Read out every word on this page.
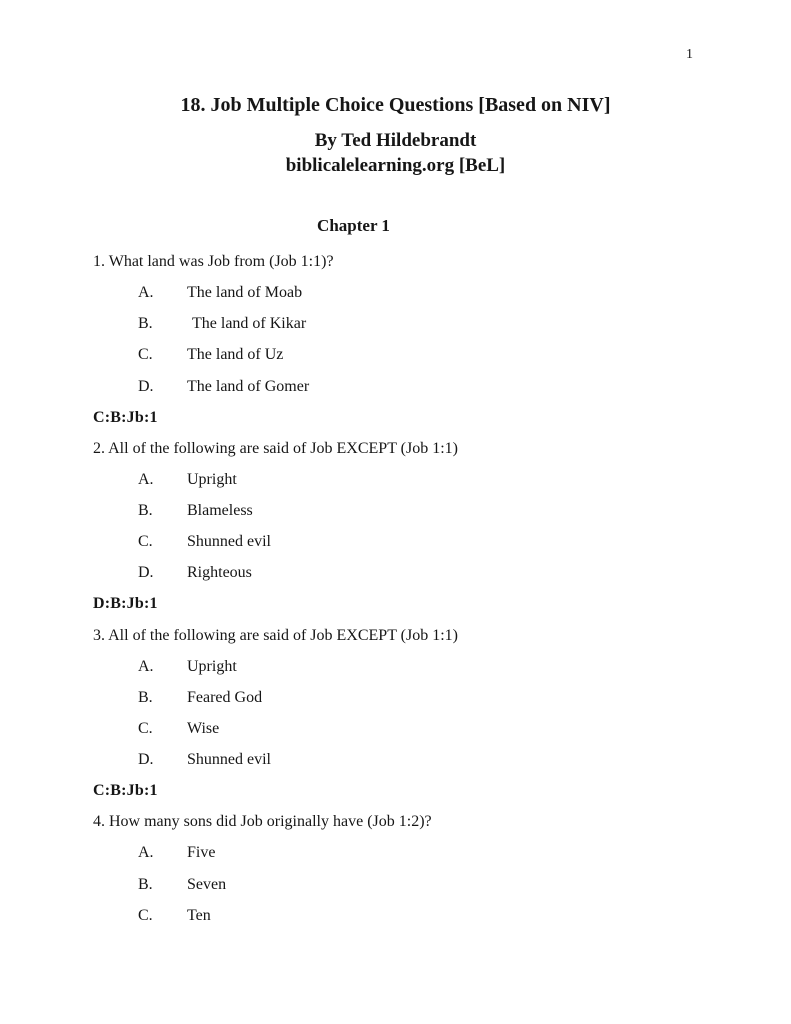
1
18. Job Multiple Choice Questions [Based on NIV]
By Ted Hildebrandt
biblicalelearning.org [BeL]
Chapter 1
1. What land was Job from (Job 1:1)?
A. The land of Moab
B. The land of Kikar
C. The land of Uz
D. The land of Gomer
C:B:Jb:1
2. All of the following are said of Job EXCEPT (Job 1:1)
A. Upright
B. Blameless
C. Shunned evil
D. Righteous
D:B:Jb:1
3. All of the following are said of Job EXCEPT (Job 1:1)
A. Upright
B. Feared God
C. Wise
D. Shunned evil
C:B:Jb:1
4. How many sons did Job originally have (Job 1:2)?
A. Five
B. Seven
C. Ten
